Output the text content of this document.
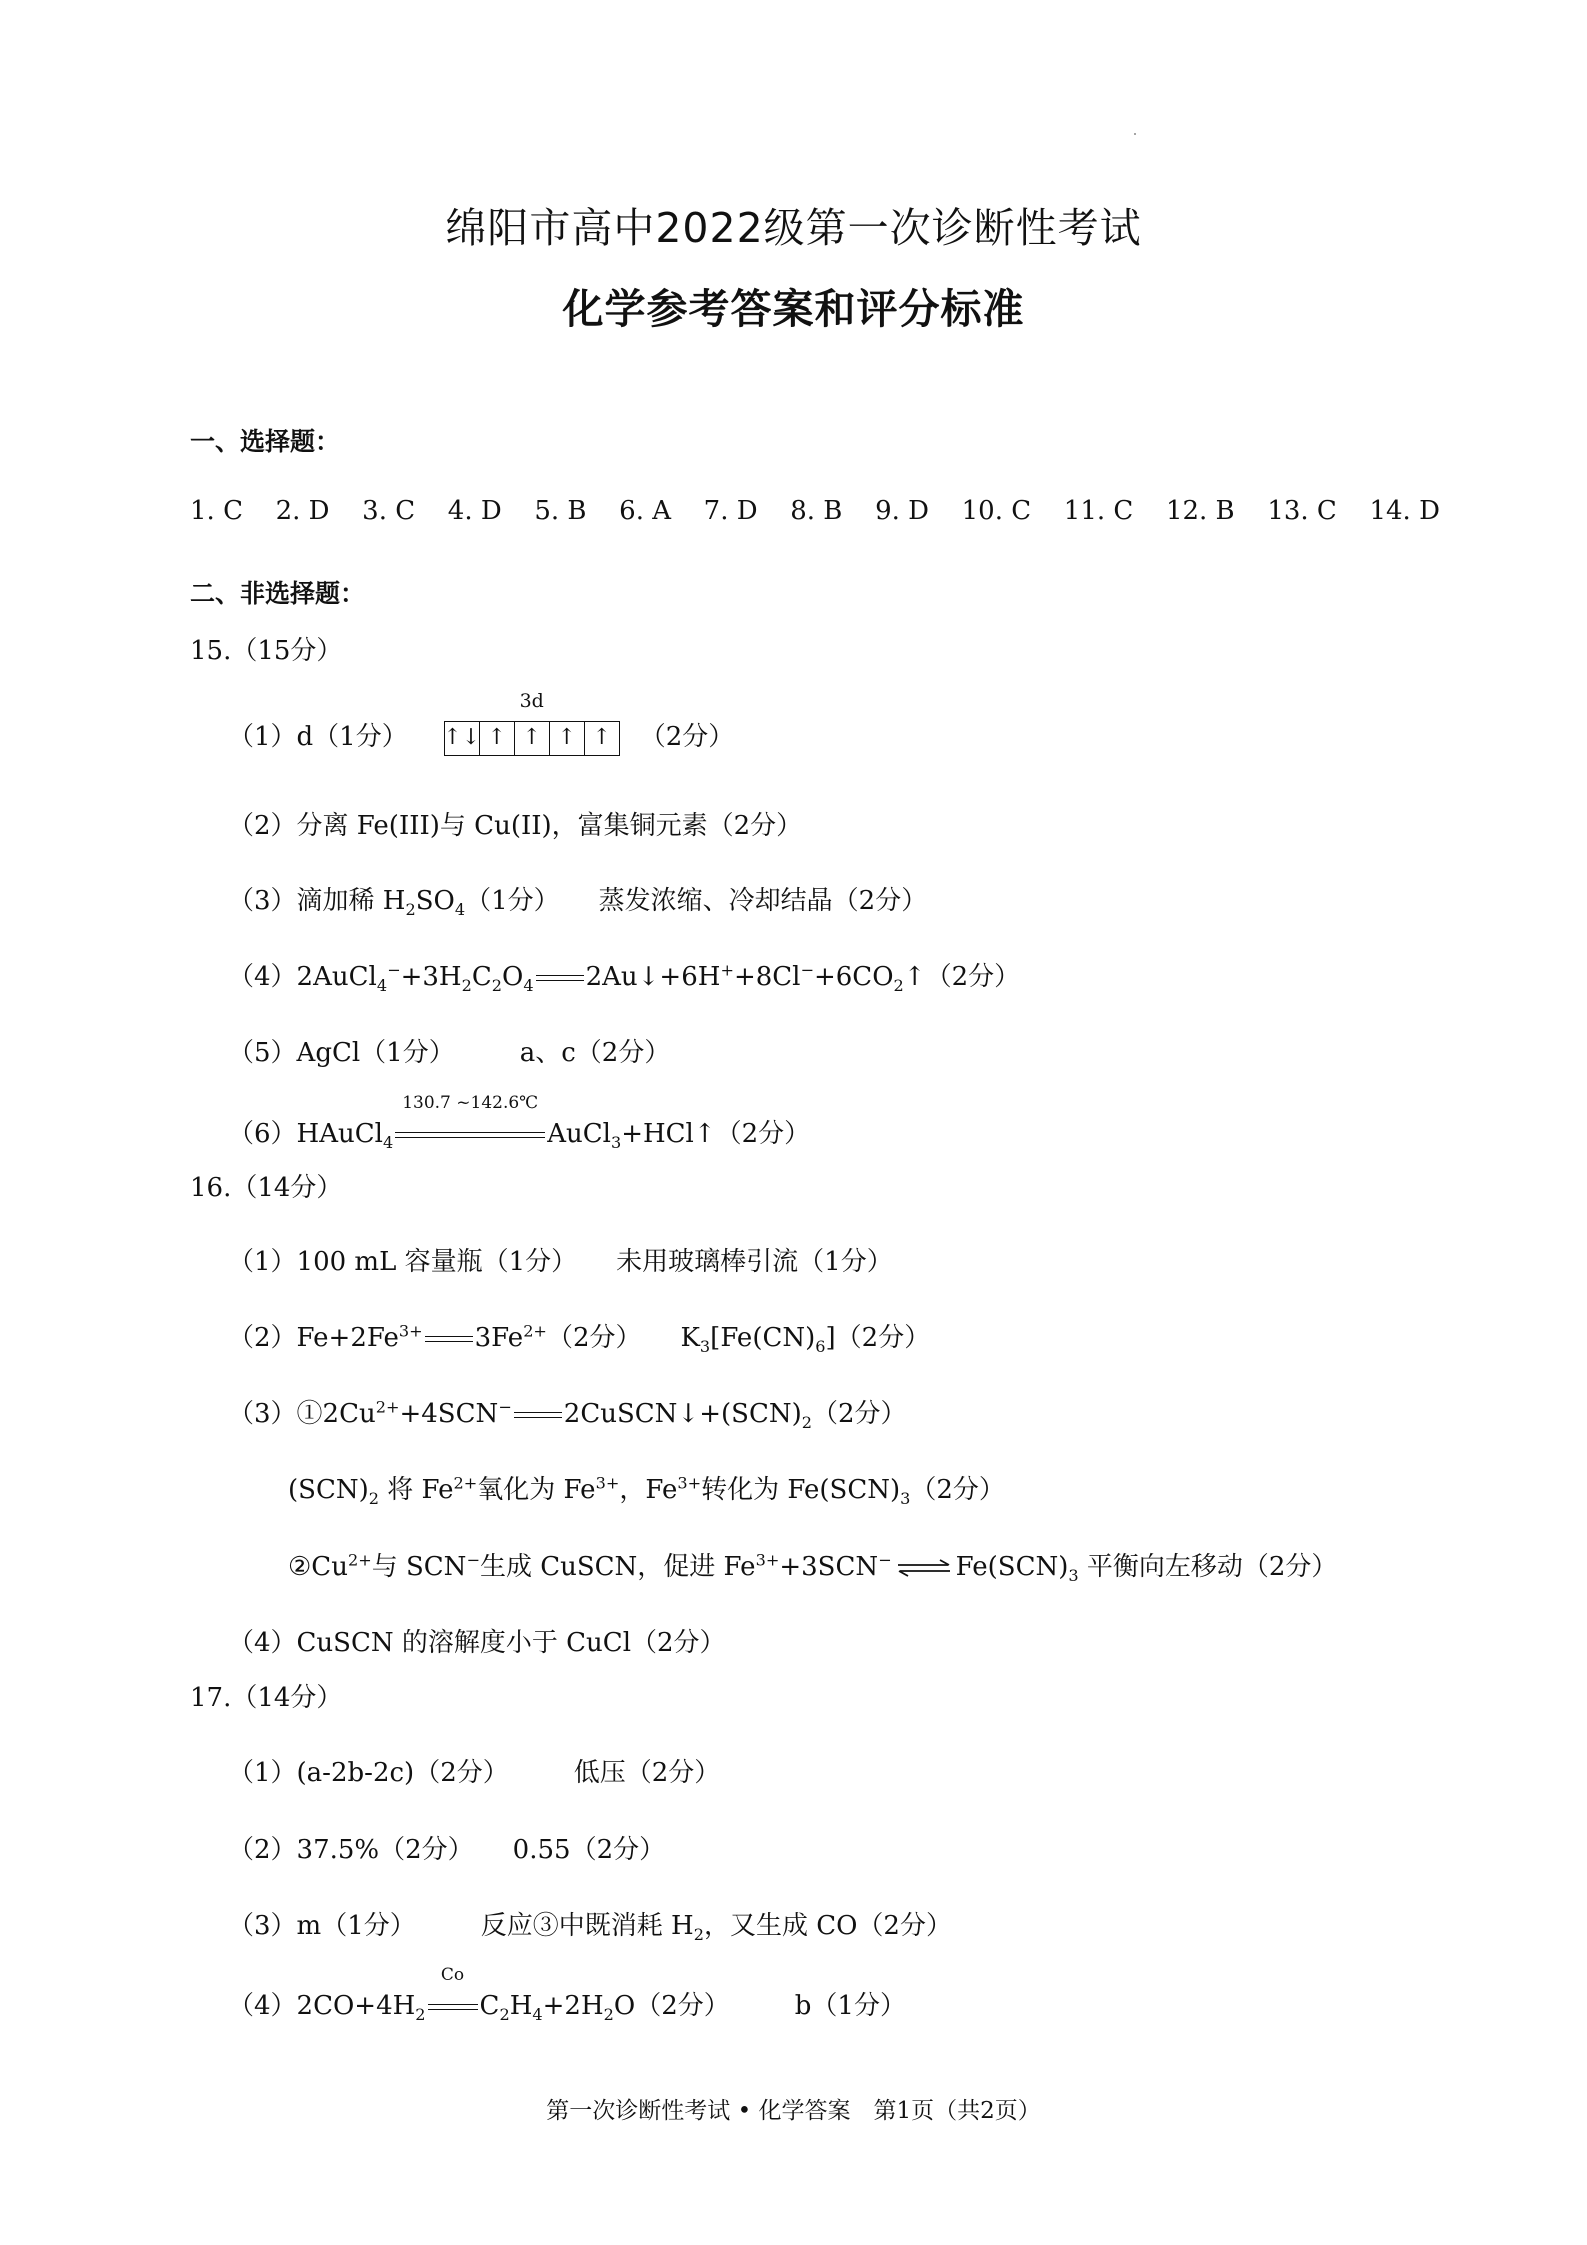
绵阳市高中2022级第一次诊断性考试
化学参考答案和评分标准
一、选择题：
1. C 2. D 3. C 4. D 5. B 6. A 7. D 8. B 9. D 10. C 11. C 12. B 13. C 14. D
二、非选择题：
15.（15分）
（1）d（1分）
3d
↑↓ ↑ ↑ ↑ ↑ （2分）
（2）分离 Fe(III)与 Cu(II)，富集铜元素（2分）
（3）滴加稀 $H_2SO_4(1$分）　　蒸发浓缩、冷却结晶（2分）
$(4)2AuCl_4^-+3H_2C_2O_4$ $2Au↓+6H^++8Cl^-+6CO_2↑(2$分）
（5）AgCl（1分）　　　a、c（2分）
（6）HAuCl$_4$
130.7 ~142.6℃
AuCl$_3$+HCl↑（2分）
16.（14分）
（1）100 mL 容量瓶（1分）　　未用玻璃棒引流（1分）
$(2)Fe+2Fe^{3+}$ $3Fe^{2+}(2$分）　　$K_3[Fe(CN)_6](2$分）
$(3)①2Cu^{2+}+4SCN^-$ $2CuSCN↓+(SCN)_2(2$分）
$(SCN)_2$ 将 $Fe^{2+}$氧化为 $Fe^{3+}$，$Fe^{3+}$转化为 $Fe(SCN)_3(2$分）
$②Cu^{2+}$与 SCN−生成 CuSCN，促进 $Fe^{3+}+3SCN^-$ ⇌ $Fe(SCN)_3$ 平衡向左移动（2分）
（4）CuSCN 的溶解度小于 CuCl（2分）
17.（14分）
（1）(a-2b-2c)（2分）　　　低压（2分）
（2）37.5%（2分）　　0.55（2分）
（3）m（1分）　　　反应③中既消耗 $H_2$，又生成 CO（2分）
$(4)2CO+4H_2$
Co
$C_2H_4+2H_2O(2$分）　　　b（1分）
第一次诊断性考试 • 化学答案　第1页（共2页）
